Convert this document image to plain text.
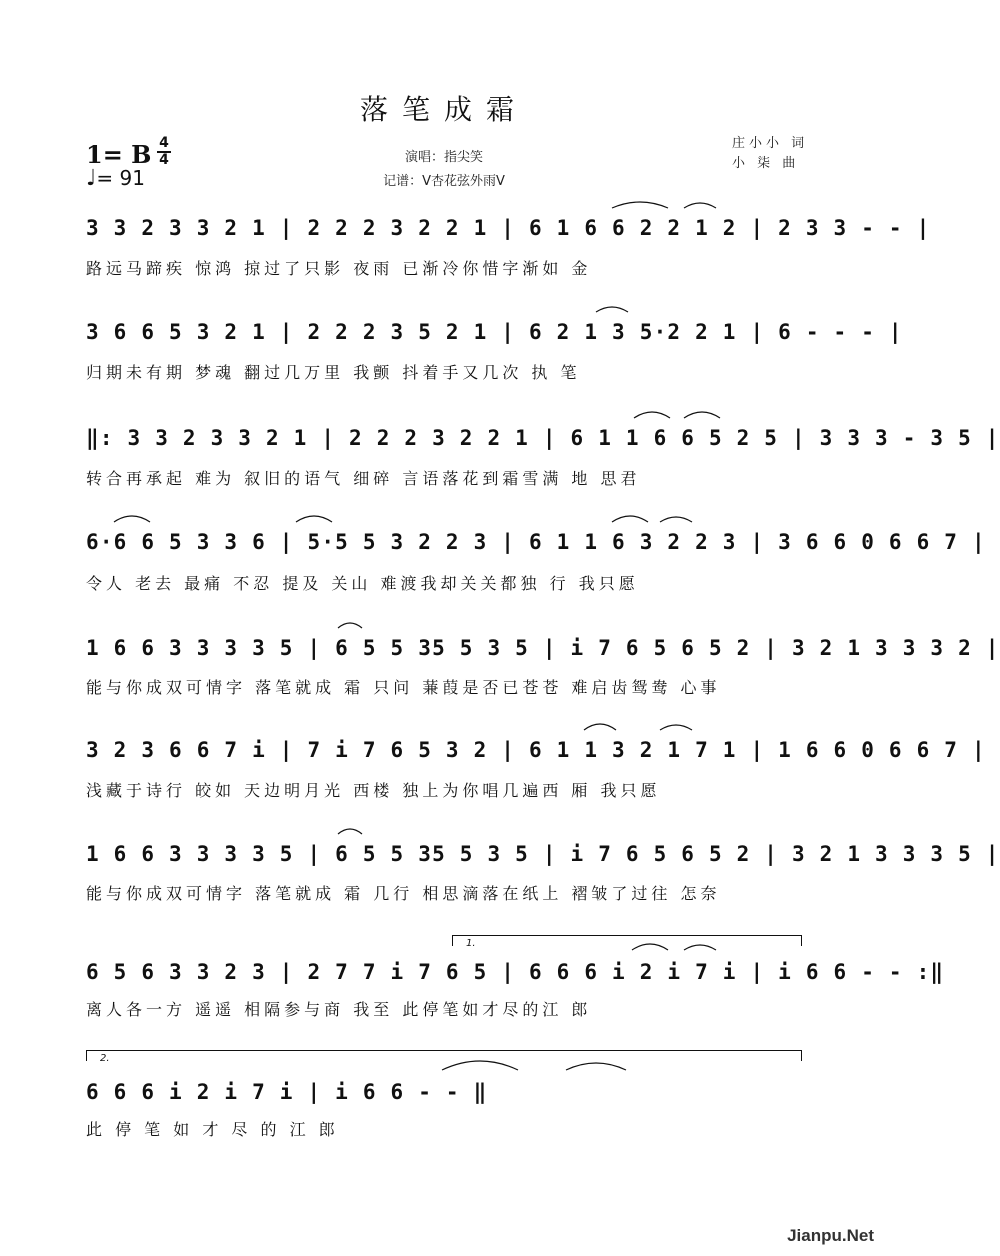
落笔成霜
1= B 4
4
♩= 91
演唱：指尖笑
记谱：V杏花弦外雨V
庄小小 词
小 柒 曲
3 3 2 3 3 2 1 | 2 2 2 3 2 2 1 | 6 1 6 6 2 2 1 2 | 2 3 3 - - |
路远马蹄疾 惊鸿 掠过了只影 夜雨 已渐冷你惜字渐如 金
3 6 6 5 3 2 1 | 2 2 2 3 5 2 1 | 6 2 1 3 5·2 2 1 | 6 - - - |
归期未有期 梦魂 翻过几万里 我颤 抖着手又几次 执 笔
‖: 3 3 2 3 3 2 1 | 2 2 2 3 2 2 1 | 6 1 1 6 6 5 2 5 | 3 3 3 - 3 5 |
转合再承起 难为 叙旧的语气 细碎 言语落花到霜雪满 地 思君
6·6 6 5 3 3 6 | 5·5 5 3 2 2 3 | 6 1 1 6 3 2 2 3 | 3 6 6 0 6 6 7 |
令人 老去 最痛 不忍 提及 关山 难渡我却关关都独 行 我只愿
1 6 6 3 3 3 3 5 | 6 5 5 35 5 3 5 | i 7 6 5 6 5 2 | 3 2 1 3 3 3 2 |
能与你成双可情字 落笔就成 霜 只问 蒹葭是否已苍苍 难启齿鸳鸯 心事
3 2 3 6 6 7 i | 7 i 7 6 5 3 2 | 6 1 1 3 2 1 7 1 | 1 6 6 0 6 6 7 |
浅藏于诗行 皎如 天边明月光 西楼 独上为你唱几遍西 厢 我只愿
1 6 6 3 3 3 3 5 | 6 5 5 35 5 3 5 | i 7 6 5 6 5 2 | 3 2 1 3 3 3 5 |
能与你成双可情字 落笔就成 霜 几行 相思滴落在纸上 褶皱了过往 怎奈
6 5 6 3 3 2 3 | 2 7 7 i 7 6 5 | 6 6 6 i 2 i 7 i | i 6 6 - - :‖
离人各一方 遥遥 相隔参与商 我至 此停笔如才尽的江 郎
6 6 6 i 2 i 7 i | i 6 6 - - ‖
此 停 笔 如 才 尽 的 江 郎
1.
2.
Jianpu.Net
